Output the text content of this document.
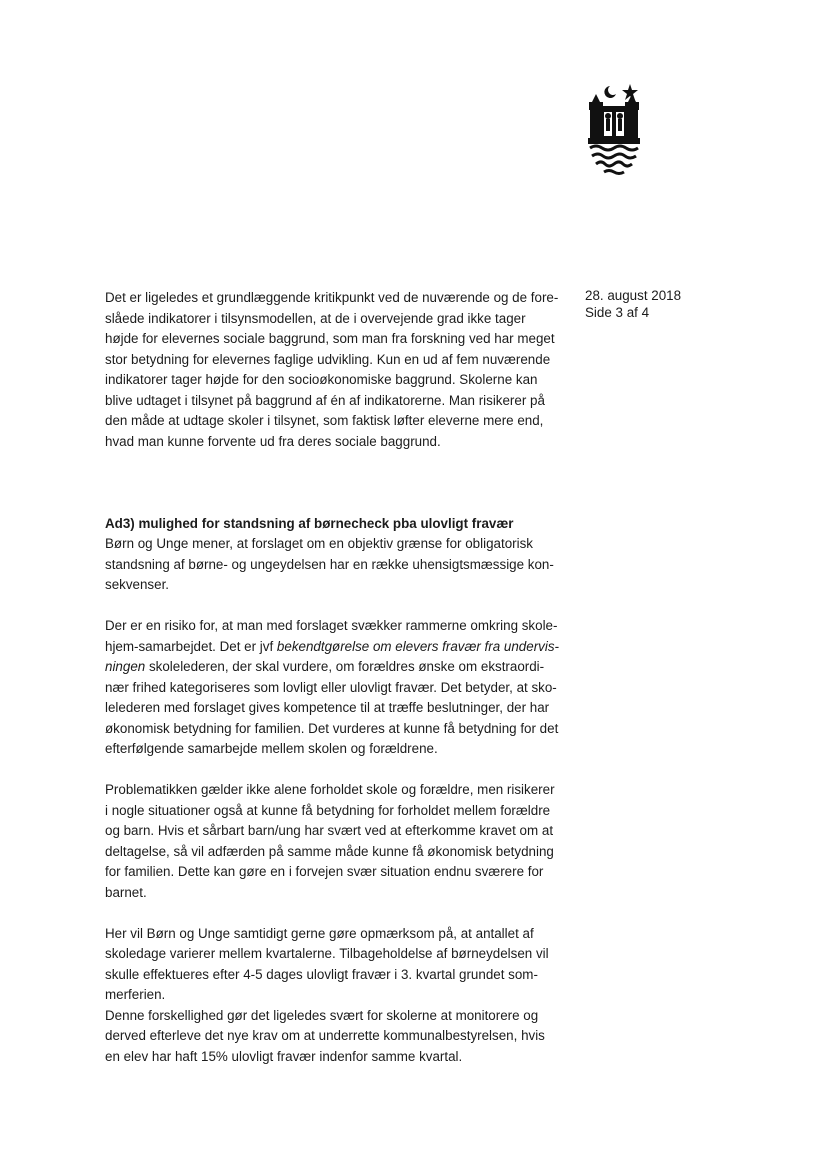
28. august 2018
Side 3 af 4

Det er ligeledes et grundlæggende kritikpunkt ved de nuværende og de fore-
slåede indikatorer i tilsynsmodellen, at de i overvejende grad ikke tager
højde for elevernes sociale baggrund, som man fra forskning ved har meget
stor betydning for elevernes faglige udvikling. Kun en ud af fem nuværende
indikatorer tager højde for den socioøkonomiske baggrund. Skolerne kan
blive udtaget i tilsynet på baggrund af én af indikatorerne. Man risikerer på
den måde at udtage skoler i tilsynet, som faktisk løfter eleverne mere end,
hvad man kunne forvente ud fra deres sociale baggrund.

Ad3) mulighed for standsning af børnecheck pba ulovligt fravær
Børn og Unge mener, at forslaget om en objektiv grænse for obligatorisk
standsning af børne- og ungeydelsen har en række uhensigtsmæssige kon-
sekvenser.

Der er en risiko for, at man med forslaget svækker rammerne omkring skole-
hjem-samarbejdet. Det er jvf bekendtgørelse om elevers fravær fra undervis-
ningen skolelederen, der skal vurdere, om forældres ønske om ekstraordi-
nær frihed kategoriseres som lovligt eller ulovligt fravær. Det betyder, at sko-
lelederen med forslaget gives kompetence til at træffe beslutninger, der har
økonomisk betydning for familien. Det vurderes at kunne få betydning for det
efterfølgende samarbejde mellem skolen og forældrene.

Problematikken gælder ikke alene forholdet skole og forældre, men risikerer
i nogle situationer også at kunne få betydning for forholdet mellem forældre
og barn. Hvis et sårbart barn/ung har svært ved at efterkomme kravet om at
deltagelse, så vil adfærden på samme måde kunne få økonomisk betydning
for familien. Dette kan gøre en i forvejen svær situation endnu sværere for
barnet.

Her vil Børn og Unge samtidigt gerne gøre opmærksom på, at antallet af
skoledage varierer mellem kvartalerne. Tilbageholdelse af børneydelsen vil
skulle effektueres efter 4-5 dages ulovligt fravær i 3. kvartal grundet som-
merferien.
Denne forskellighed gør det ligeledes svært for skolerne at monitorere og
derved efterleve det nye krav om at underrette kommunalbestyrelsen, hvis
en elev har haft 15% ulovligt fravær indenfor samme kvartal.
